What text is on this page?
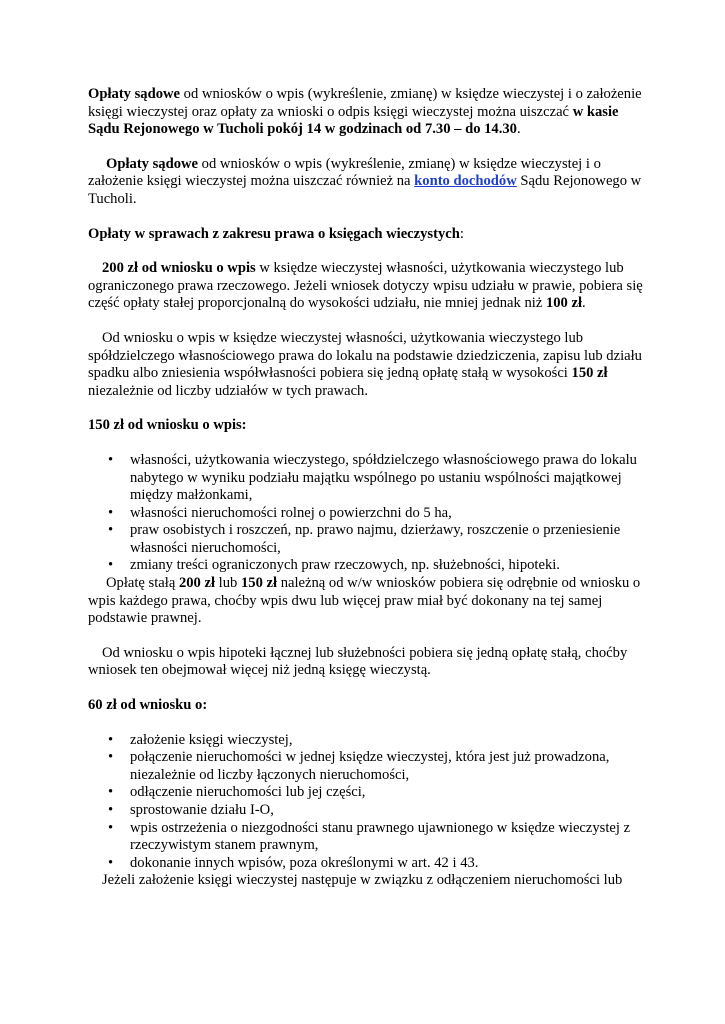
Opłaty sądowe od wniosków o wpis (wykreślenie, zmianę) w księdze wieczystej i o założenie księgi wieczystej oraz opłaty za wnioski o odpis księgi wieczystej można uiszczać w kasie Sądu Rejonowego w Tucholi pokój 14 w godzinach od 7.30 – do 14.30.

Opłaty sądowe od wniosków o wpis (wykreślenie, zmianę) w księdze wieczystej i o założenie księgi wieczystej można uiszczać również na konto dochodów Sądu Rejonowego w Tucholi.

Opłaty w sprawach z zakresu prawa o księgach wieczystych:

200 zł od wniosku o wpis w księdze wieczystej własności, użytkowania wieczystego lub ograniczonego prawa rzeczowego. Jeżeli wniosek dotyczy wpisu udziału w prawie, pobiera się część opłaty stałej proporcjonalną do wysokości udziału, nie mniej jednak niż 100 zł.

Od wniosku o wpis w księdze wieczystej własności, użytkowania wieczystego lub spółdzielczego własnościowego prawa do lokalu na podstawie dziedziczenia, zapisu lub działu spadku albo zniesienia współwłasności pobiera się jedną opłatę stałą w wysokości 150 zł niezależnie od liczby udziałów w tych prawach.

150 zł od wniosku o wpis:

• własności, użytkowania wieczystego, spółdzielczego własnościowego prawa do lokalu nabytego w wyniku podziału majątku wspólnego po ustaniu wspólności majątkowej między małżonkami,
• własności nieruchomości rolnej o powierzchni do 5 ha,
• praw osobistych i roszczeń, np. prawo najmu, dzierżawy, roszczenie o przeniesienie własności nieruchomości,
• zmiany treści ograniczonych praw rzeczowych, np. służebności, hipoteki.

Opłatę stałą 200 zł lub 150 zł należną od w/w wniosków pobiera się odrębnie od wniosku o wpis każdego prawa, choćby wpis dwu lub więcej praw miał być dokonany na tej samej podstawie prawnej.

Od wniosku o wpis hipoteki łącznej lub służebności pobiera się jedną opłatę stałą, choćby wniosek ten obejmował więcej niż jedną księgę wieczystą.

60 zł od wniosku o:

• założenie księgi wieczystej,
• połączenie nieruchomości w jednej księdze wieczystej, która jest już prowadzona, niezależnie od liczby łączonych nieruchomości,
• odłączenie nieruchomości lub jej części,
• sprostowanie działu I-O,
• wpis ostrzeżenia o niezgodności stanu prawnego ujawnionego w księdze wieczystej z rzeczywistym stanem prawnym,
• dokonanie innych wpisów, poza określonymi w art. 42 i 43.

Jeżeli założenie księgi wieczystej następuje w związku z odłączeniem nieruchomości lub
